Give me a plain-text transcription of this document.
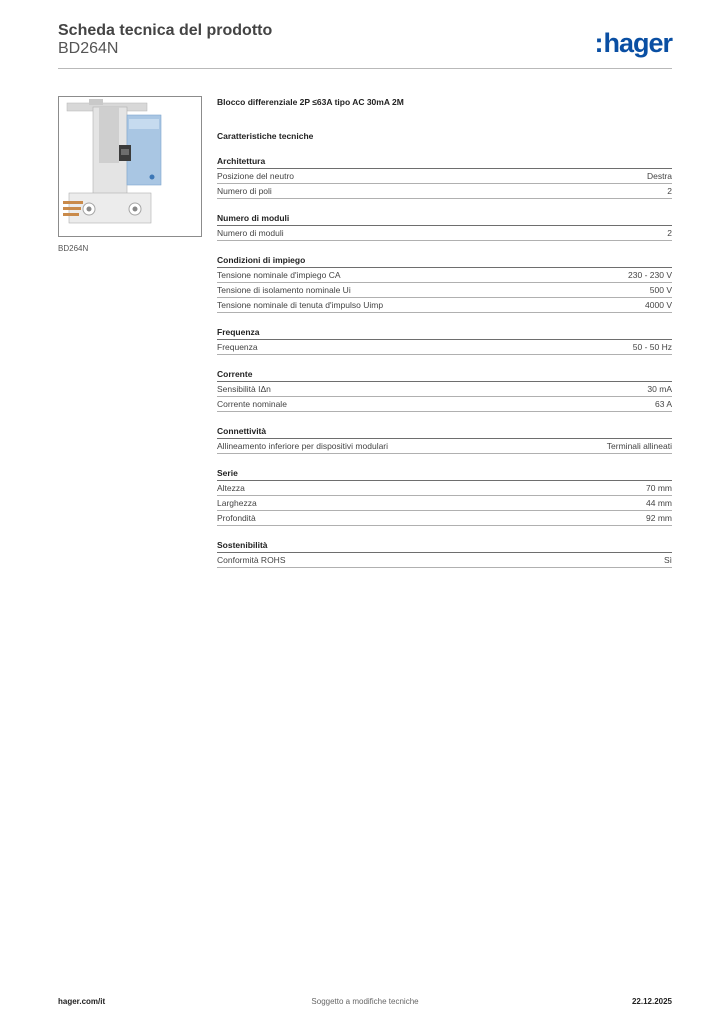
Scheda tecnica del prodotto
BD264N	:hager
BD264N
Blocco differenziale 2P ≤63A tipo AC 30mA 2M
Caratteristiche tecniche
Architettura
Posizione del neutro	Destra
Numero di poli	2
Numero di moduli
Numero di moduli	2
Condizioni di impiego
Tensione nominale d'impiego CA	230 - 230 V
Tensione di isolamento nominale Ui	500 V
Tensione nominale di tenuta d'impulso Uimp	4000 V
Frequenza
Frequenza	50 - 50 Hz
Corrente
Sensibilità IΔn	30 mA
Corrente nominale	63 A
Connettività
Allineamento inferiore per dispositivi modulari	Terminali allineati
Serie
Altezza	70 mm
Larghezza	44 mm
Profondità	92 mm
Sostenibilità
Conformità ROHS	Sì
hager.com/it	Soggetto a modifiche tecniche	22.12.2025
